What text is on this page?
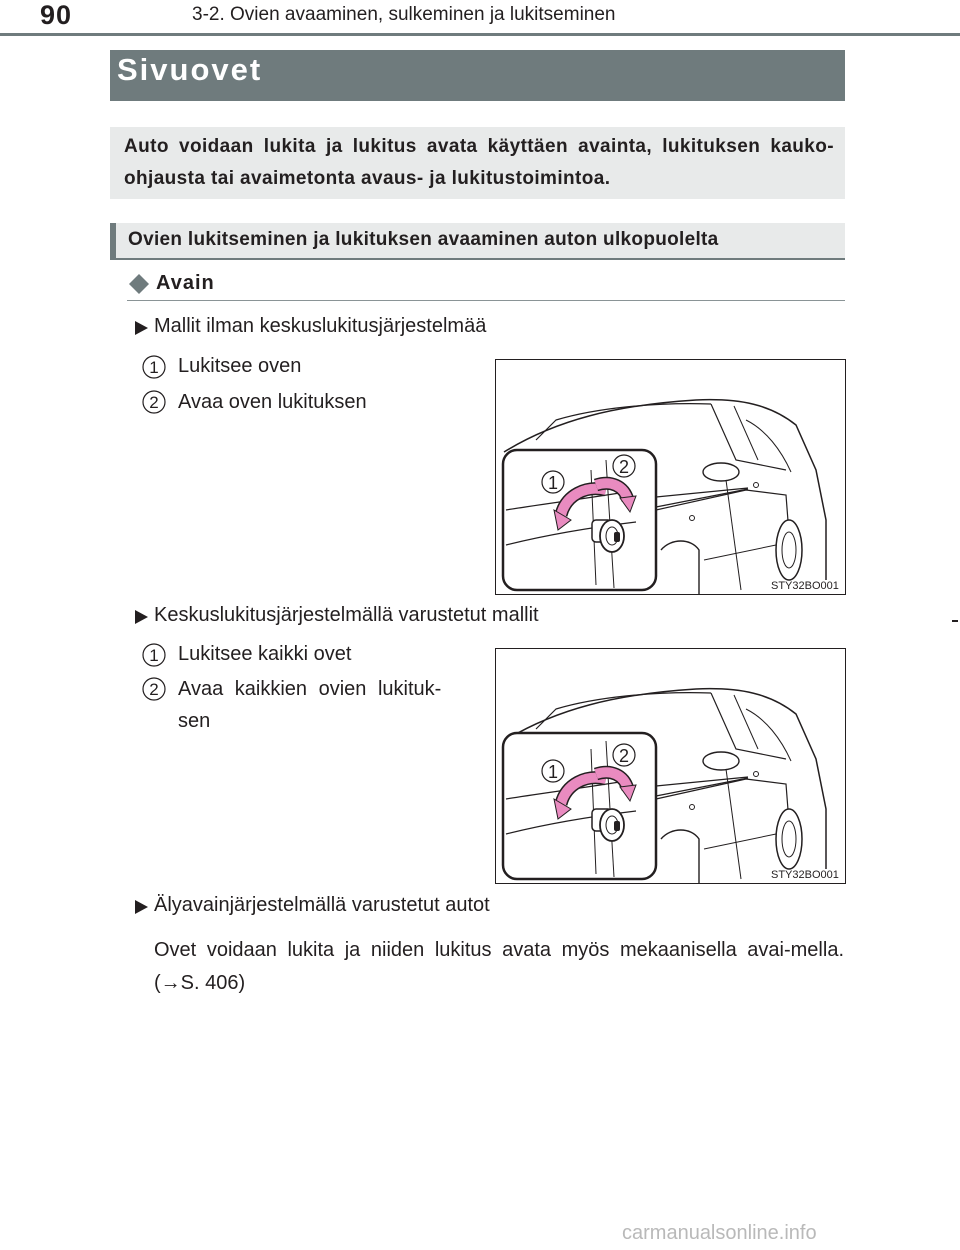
90	3-2. Ovien avaaminen, sulkeminen ja lukitseminen
Sivuovet
Auto voidaan lukita ja lukitus avata käyttäen avainta, lukituksen kauko-ohjausta tai avaimetonta avaus- ja lukitustoimintoa.
Ovien lukitseminen ja lukituksen avaaminen auton ulkopuolelta
Avain
Mallit ilman keskuslukitusjärjestelmää
1 Lukitsee oven
2 Avaa oven lukituksen
1
2
STY32BO001
Keskuslukitusjärjestelmällä varustetut mallit
1 Lukitsee kaikki ovet
2 Avaa kaikkien ovien lukituk-
sen
1
2
STY32BO001
Älyavainjärjestelmällä varustetut autot
Ovet voidaan lukita ja niiden lukitus avata myös mekaanisella avai-mella. (→S. 406)
carmanualsonline.info
